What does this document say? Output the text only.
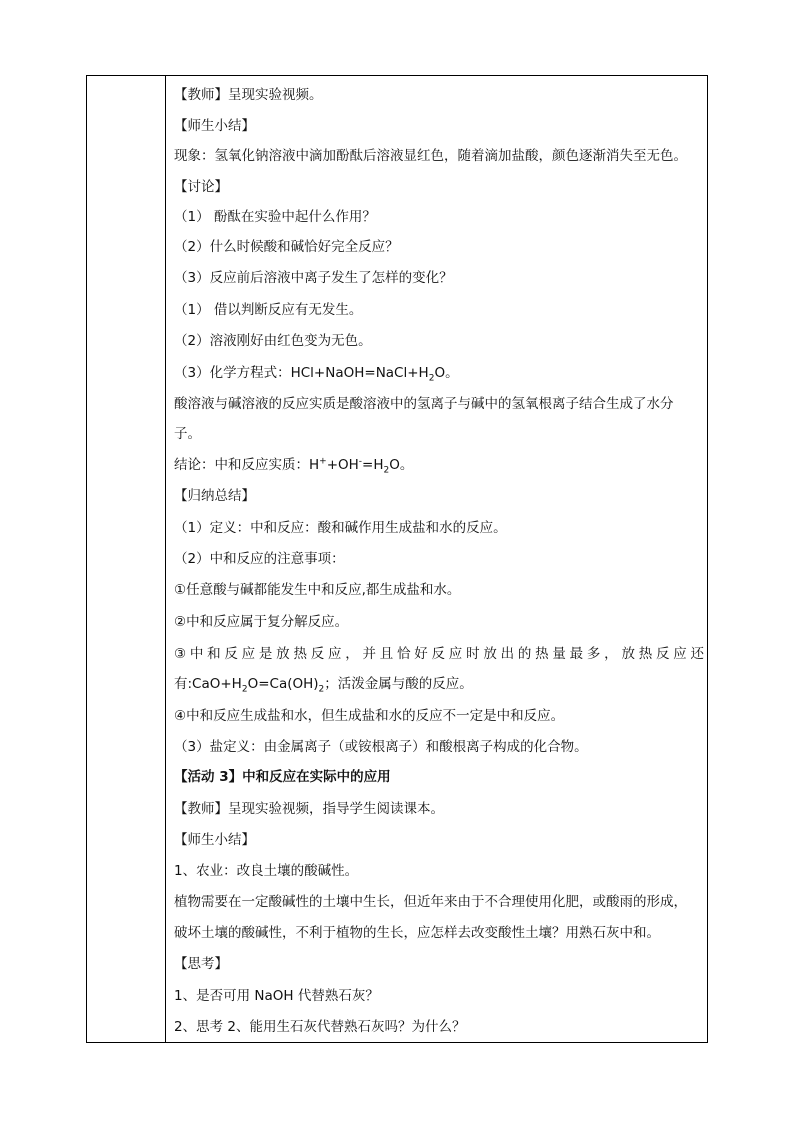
【教师】呈现实验视频。
【师生小结】
现象：氢氧化钠溶液中滴加酚酞后溶液显红色，随着滴加盐酸，颜色逐渐消失至无色。
【讨论】
（1） 酚酞在实验中起什么作用？
（2）什么时候酸和碱恰好完全反应？
（3）反应前后溶液中离子发生了怎样的变化？
（1） 借以判断反应有无发生。
（2）溶液刚好由红色变为无色。
（3）化学方程式：$HCl+NaOH=NaCl+H_2O$。
酸溶液与碱溶液的反应实质是酸溶液中的氢离子与碱中的氢氧根离子结合生成了水分
子。
结论：中和反应实质：$H^++OH^-=H_2O$。
【归纳总结】
（1）定义：中和反应：酸和碱作用生成盐和水的反应。
（2）中和反应的注意事项：
①任意酸与碱都能发生中和反应,都生成盐和水。
②中和反应属于复分解反应。
③中和反应是放热反应，并且恰好反应时放出的热量最多，放热反应还
有$:CaO+H_2O=Ca(OH)_2$；活泼金属与酸的反应。
④中和反应生成盐和水，但生成盐和水的反应不一定是中和反应。
（3）盐定义：由金属离子（或铵根离子）和酸根离子构成的化合物。
【活动 3】中和反应在实际中的应用
【教师】呈现实验视频，指导学生阅读课本。
【师生小结】
1、农业：改良土壤的酸碱性。
植物需要在一定酸碱性的土壤中生长，但近年来由于不合理使用化肥，或酸雨的形成，
破坏土壤的酸碱性，不利于植物的生长，应怎样去改变酸性土壤？用熟石灰中和。
【思考】
1、是否可用 NaOH 代替熟石灰？
2、思考 2、能用生石灰代替熟石灰吗？为什么？
